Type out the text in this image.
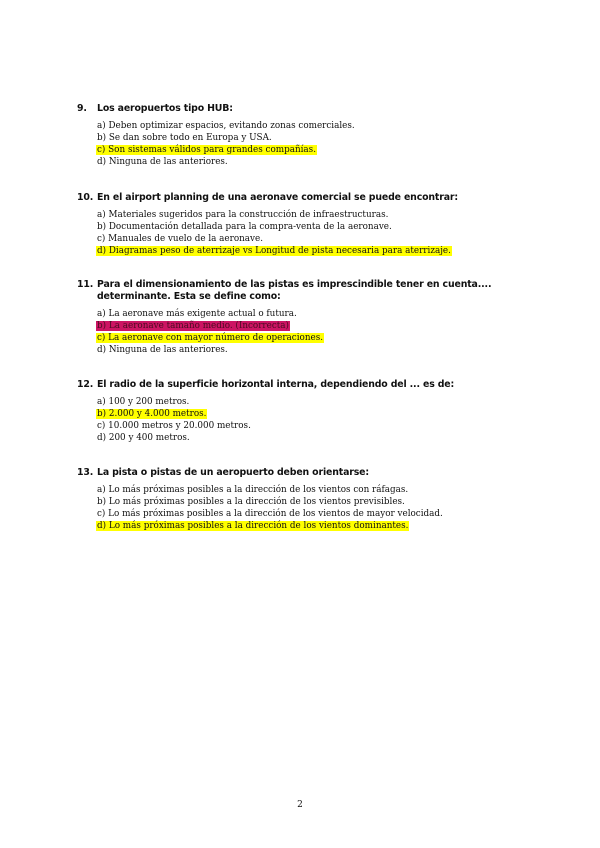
9.	Los aeropuertos tipo HUB:
a) Deben optimizar espacios, evitando zonas comerciales.
b) Se dan sobre todo en Europa y USA.
c) Son sistemas válidos para grandes compañías.
d) Ninguna de las anteriores.
10. En el airport planning de una aeronave comercial se puede encontrar:
a) Materiales sugeridos para la construcción de infraestructuras.
b) Documentación detallada para la compra-venta de la aeronave.
c) Manuales de vuelo de la aeronave.
d) Diagramas peso de aterrizaje vs Longitud de pista necesaria para aterrizaje.
11. Para el dimensionamiento de las pistas es imprescindible tener en cuenta.... determinante. Esta se define como:
a) La aeronave más exigente actual o futura.
b) La aeronave tamaño medio. (Incorrecta)
c) La aeronave con mayor número de operaciones.
d) Ninguna de las anteriores.
12. El radio de la superficie horizontal interna, dependiendo del ... es de:
a) 100 y 200 metros.
b) 2.000 y 4.000 metros.
c) 10.000 metros y 20.000 metros.
d) 200 y 400 metros.
13. La pista o pistas de un aeropuerto deben orientarse:
a) Lo más próximas posibles a la dirección de los vientos con ráfagas.
b) Lo más próximas posibles a la dirección de los vientos previsibles.
c) Lo más próximas posibles a la dirección de los vientos de mayor velocidad.
d) Lo más próximas posibles a la dirección de los vientos dominantes.
2
